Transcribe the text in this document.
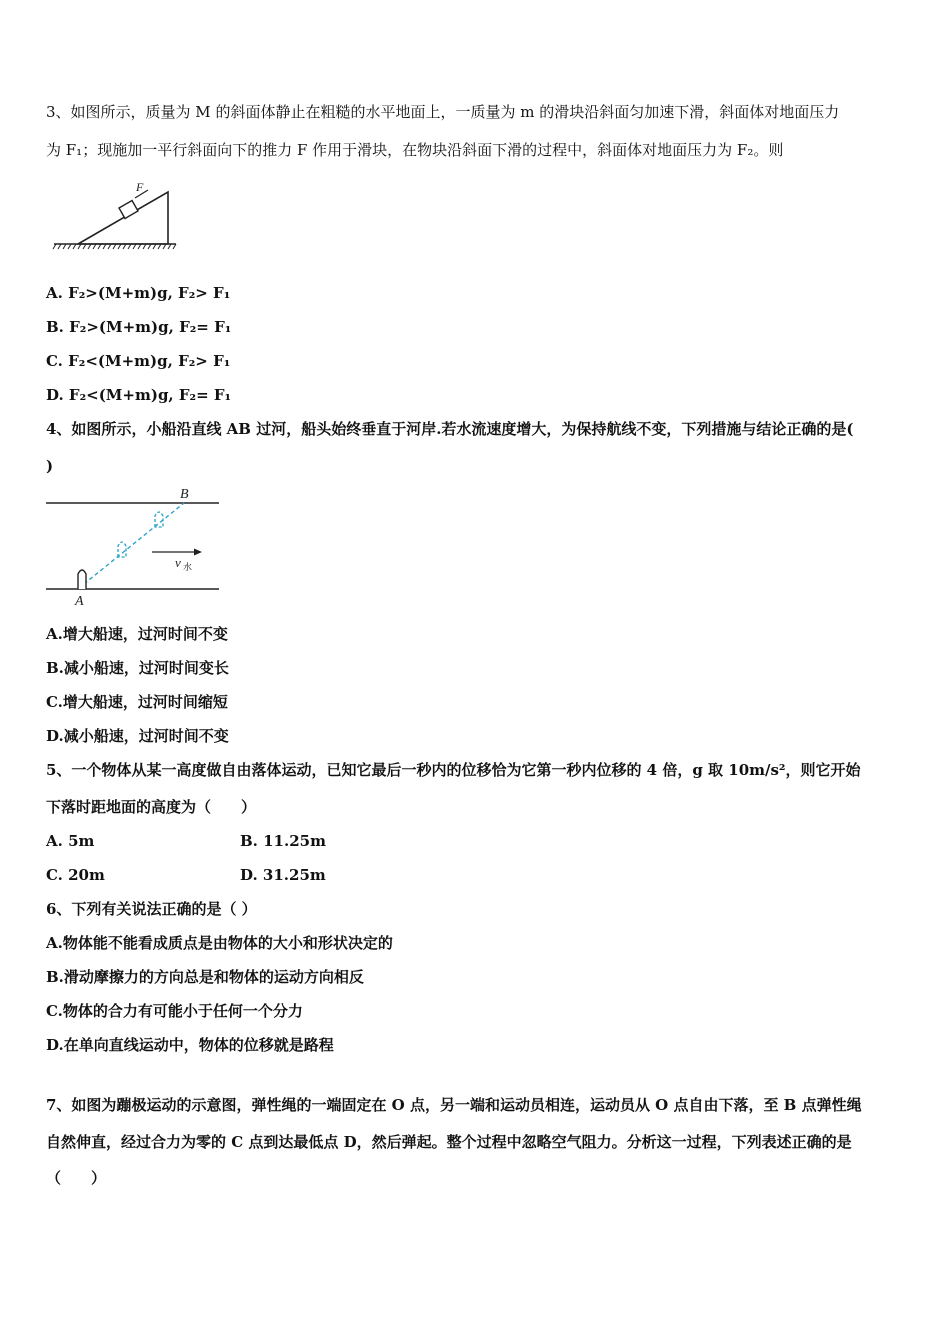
3、如图所示，质量为 M 的斜面体静止在粗糙的水平地面上，一质量为 m 的滑块沿斜面匀加速下滑，斜面体对地面压力
为 F₁；现施加一平行斜面向下的推力 F 作用于滑块，在物块沿斜面下滑的过程中，斜面体对地面压力为 F₂。则
F
A. F₂>(M+m)g, F₂> F₁
B. F₂>(M+m)g, F₂= F₁
C. F₂<(M+m)g, F₂> F₁
D. F₂<(M+m)g, F₂= F₁
4、如图所示，小船沿直线 AB 过河，船头始终垂直于河岸.若水流速度增大，为保持航线不变，下列措施与结论正确的是(
)
B
A
v 水
A.增大船速，过河时间不变
B.减小船速，过河时间变长
C.增大船速，过河时间缩短
D.减小船速，过河时间不变
5、一个物体从某一高度做自由落体运动，已知它最后一秒内的位移恰为它第一秒内位移的 4 倍，g 取 10m/s²，则它开始
下落时距地面的高度为（　　）
A. 5m	B. 11.25m
C. 20m	D. 31.25m
6、下列有关说法正确的是（ ）
A.物体能不能看成质点是由物体的大小和形状决定的
B.滑动摩擦力的方向总是和物体的运动方向相反
C.物体的合力有可能小于任何一个分力
D.在单向直线运动中，物体的位移就是路程
7、如图为蹦极运动的示意图，弹性绳的一端固定在 O 点，另一端和运动员相连，运动员从 O 点自由下落，至 B 点弹性绳
自然伸直，经过合力为零的 C 点到达最低点 D，然后弹起。整个过程中忽略空气阻力。分析这一过程，下列表述正确的是
（　　）
